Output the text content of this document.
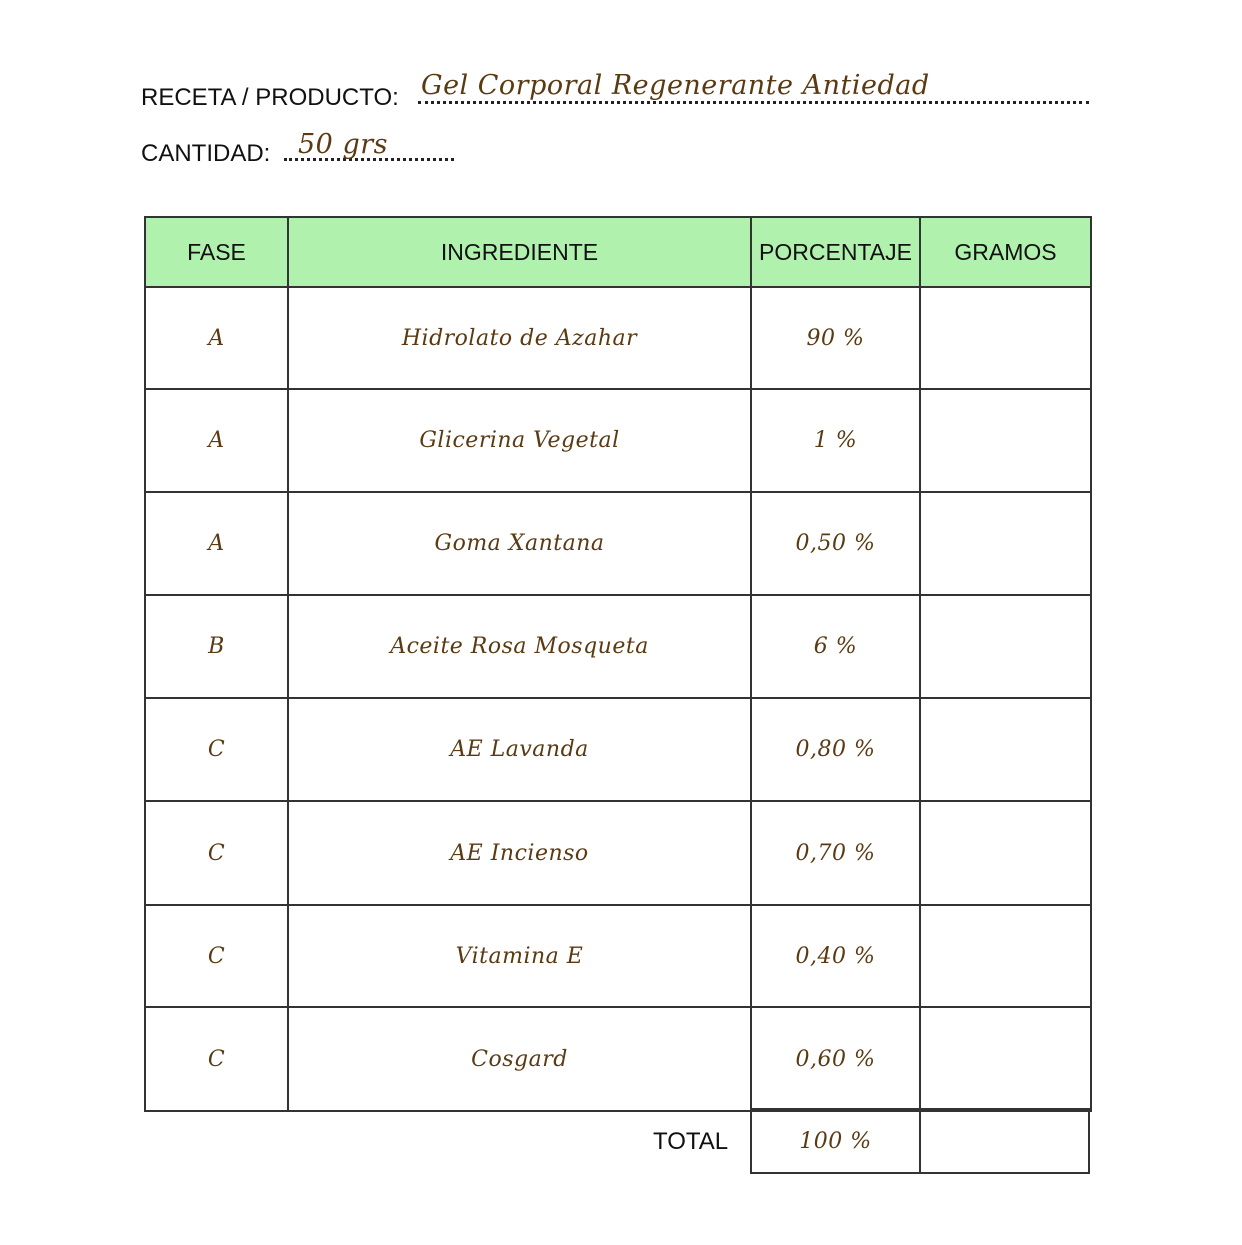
RECETA / PRODUCTO: Gel Corporal Regenerante Antiedad
CANTIDAD: 50 grs
FASE	INGREDIENTE	PORCENTAJE	GRAMOS
A	Hidrolato de Azahar	90 %
A	Glicerina Vegetal	1 %
A	Goma Xantana	0,50 %
B	Aceite Rosa Mosqueta	6 %
C	AE Lavanda	0,80 %
C	AE Incienso	0,70 %
C	Vitamina E	0,40 %
C	Cosgard	0,60 %
TOTAL	100 %
